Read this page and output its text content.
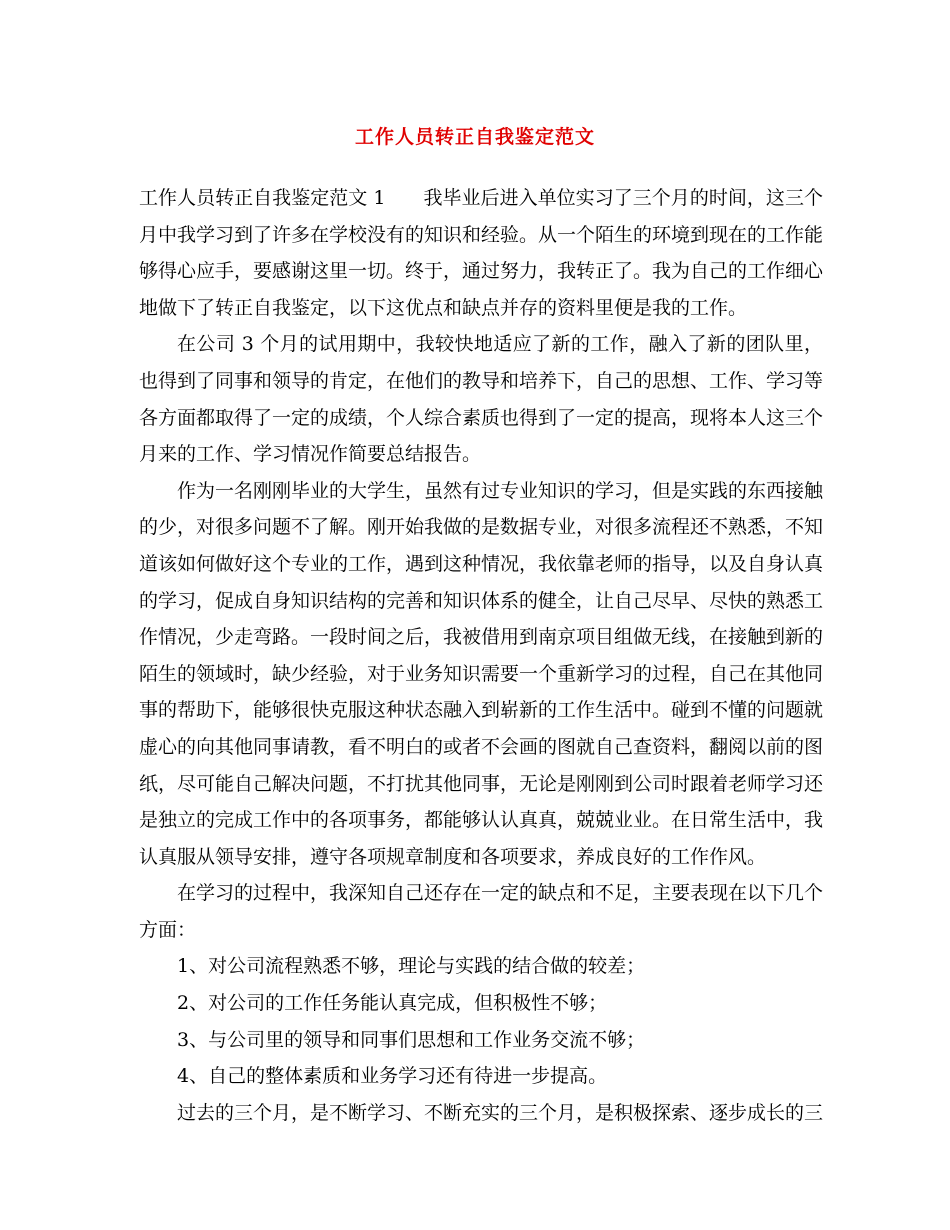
工作人员转正自我鉴定范文

工作人员转正自我鉴定范文 1 我毕业后进入单位实习了三个月的时间，这三个月中我学习到了许多在学校没有的知识和经验。从一个陌生的环境到现在的工作能够得心应手，要感谢这里一切。终于，通过努力，我转正了。我为自己的工作细心地做下了转正自我鉴定，以下这优点和缺点并存的资料里便是我的工作。

在公司 3 个月的试用期中，我较快地适应了新的工作，融入了新的团队里，也得到了同事和领导的肯定，在他们的教导和培养下，自己的思想、工作、学习等各方面都取得了一定的成绩，个人综合素质也得到了一定的提高，现将本人这三个月来的工作、学习情况作简要总结报告。

作为一名刚刚毕业的大学生，虽然有过专业知识的学习，但是实践的东西接触的少，对很多问题不了解。刚开始我做的是数据专业，对很多流程还不熟悉，不知道该如何做好这个专业的工作，遇到这种情况，我依靠老师的指导，以及自身认真的学习，促成自身知识结构的完善和知识体系的健全，让自己尽早、尽快的熟悉工作情况，少走弯路。一段时间之后，我被借用到南京项目组做无线，在接触到新的陌生的领域时，缺少经验，对于业务知识需要一个重新学习的过程，自己在其他同事的帮助下，能够很快克服这种状态融入到崭新的工作生活中。碰到不懂的问题就虚心的向其他同事请教，看不明白的或者不会画的图就自己查资料，翻阅以前的图纸，尽可能自己解决问题，不打扰其他同事，无论是刚刚到公司时跟着老师学习还是独立的完成工作中的各项事务，都能够认认真真，兢兢业业。在日常生活中，我认真服从领导安排，遵守各项规章制度和各项要求，养成良好的工作作风。

在学习的过程中，我深知自己还存在一定的缺点和不足，主要表现在以下几个方面：

1、对公司流程熟悉不够，理论与实践的结合做的较差；

2、对公司的工作任务能认真完成，但积极性不够；

3、与公司里的领导和同事们思想和工作业务交流不够；

4、自己的整体素质和业务学习还有待进一步提高。

过去的三个月，是不断学习、不断充实的三个月，是积极探索、逐步成长的三
